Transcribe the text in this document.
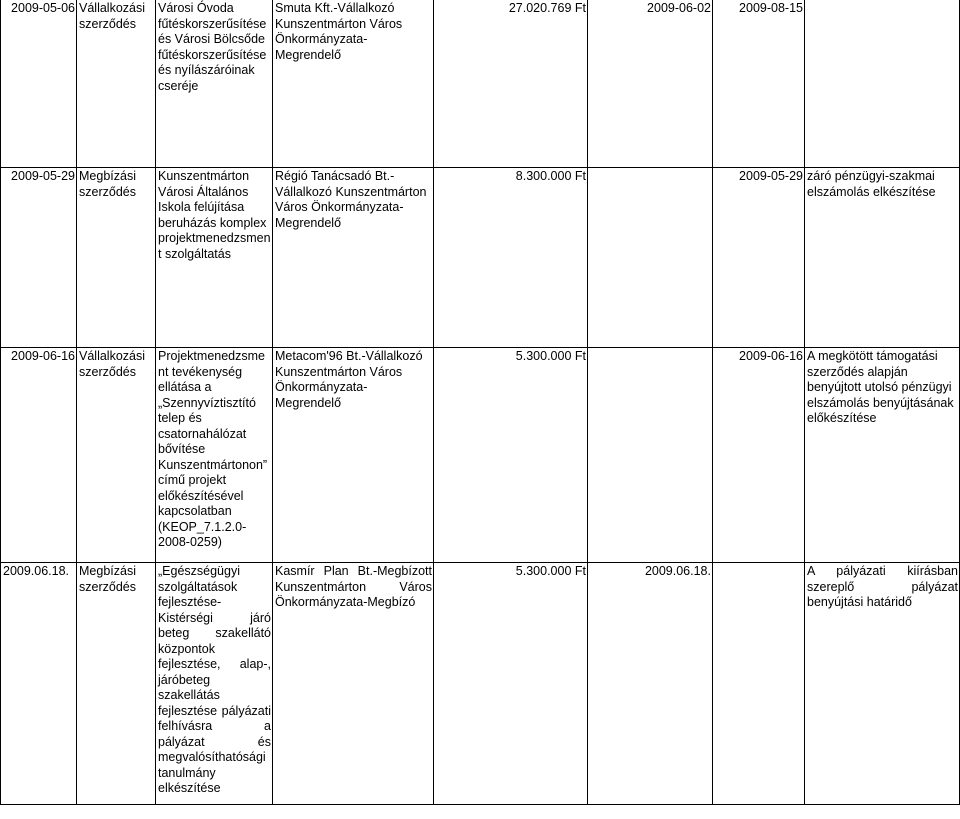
2009-05-06	Vállalkozási szerződés	Városi Óvoda fűtéskorszerűsítése és Városi Bölcsőde fűtéskorszerűsítése és nyílászáróinak cseréje	Smuta Kft.-Vállalkozó Kunszentmárton Város Önkormányzata-Megrendelő	27.020.769 Ft	2009-06-02	2009-08-15	
2009-05-29	Megbízási szerződés	Kunszentmárton Városi Általános Iskola felújítása beruházás komplex projektmenedzsment szolgáltatás	Régió Tanácsadó Bt.-Vállalkozó Kunszentmárton Város Önkormányzata-Megrendelő	8.300.000 Ft		2009-05-29	záró pénzügyi-szakmai elszámolás elkészítése
2009-06-16	Vállalkozási szerződés	Projektmenedzsment tevékenység ellátása a „Szennyvíztisztító telep és csatornahálózat bővítése Kunszentmártonon” című projekt előkészítésével kapcsolatban (KEOP_7.1.2.0-2008-0259)	Metacom'96 Bt.-Vállalkozó Kunszentmárton Város Önkormányzata-Megrendelő	5.300.000 Ft		2009-06-16	A megkötött támogatási szerződés alapján benyújtott utolsó pénzügyi elszámolás benyújtásának előkészítése
2009.06.18.	Megbízási szerződés	„Egészségügyi szolgáltatások fejlesztése-Kistérségi járó beteg szakellátó központok fejlesztése, alap-, járóbeteg szakellátás fejlesztése pályázati felhívásra a pályázat és megvalósíthatósági tanulmány elkészítése	Kasmír Plan Bt.-Megbízott Kunszentmárton Város Önkormányzata-Megbízó	5.300.000 Ft	2009.06.18.		A pályázati kiírásban szereplő pályázat benyújtási határidő
